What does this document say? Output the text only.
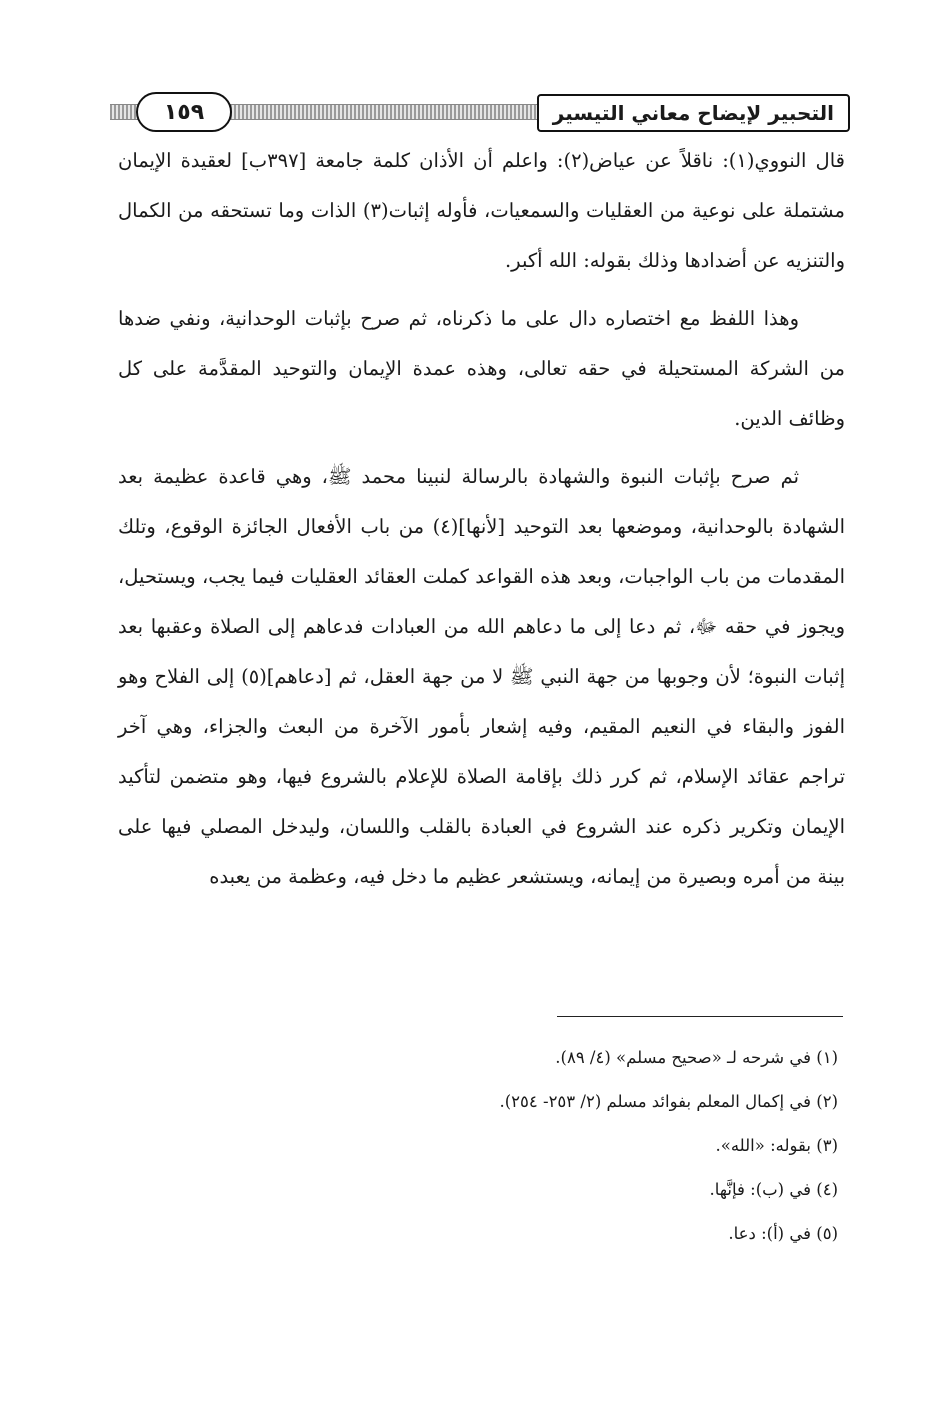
التحبير لإيضاح معاني التيسير
١٥٩

قال النووي(١): ناقلاً عن عياض(٢): واعلم أن الأذان كلمة جامعة [٣٩٧ب] لعقيدة الإيمان مشتملة على نوعية من العقليات والسمعيات، فأوله إثبات(٣) الذات وما تستحقه من الكمال والتنزيه عن أضدادها وذلك بقوله: الله أكبر.

وهذا اللفظ مع اختصاره دال على ما ذكرناه، ثم صرح بإثبات الوحدانية، ونفي ضدها من الشركة المستحيلة في حقه تعالى، وهذه عمدة الإيمان والتوحيد المقدَّمة على كل وظائف الدين.

ثم صرح بإثبات النبوة والشهادة بالرسالة لنبينا محمد ﷺ، وهي قاعدة عظيمة بعد الشهادة بالوحدانية، وموضعها بعد التوحيد [لأنها](٤) من باب الأفعال الجائزة الوقوع، وتلك المقدمات من باب الواجبات، وبعد هذه القواعد كملت العقائد العقليات فيما يجب، ويستحيل، ويجوز في حقه ﷻ، ثم دعا إلى ما دعاهم الله من العبادات فدعاهم إلى الصلاة وعقبها بعد إثبات النبوة؛ لأن وجوبها من جهة النبي ﷺ لا من جهة العقل، ثم [دعاهم](٥) إلى الفلاح وهو الفوز والبقاء في النعيم المقيم، وفيه إشعار بأمور الآخرة من البعث والجزاء، وهي آخر تراجم عقائد الإسلام، ثم كرر ذلك بإقامة الصلاة للإعلام بالشروع فيها، وهو متضمن لتأكيد الإيمان وتكرير ذكره عند الشروع في العبادة بالقلب واللسان، وليدخل المصلي فيها على بينة من أمره وبصيرة من إيمانه، ويستشعر عظيم ما دخل فيه، وعظمة من يعبده

(١) في شرحه لـ «صحيح مسلم» (٤/ ٨٩).

(٢) في إكمال المعلم بفوائد مسلم (٢/ ٢٥٣- ٢٥٤).

(٣) بقوله: «الله».

(٤) في (ب): فإنَّها.

(٥) في (أ): دعا.
